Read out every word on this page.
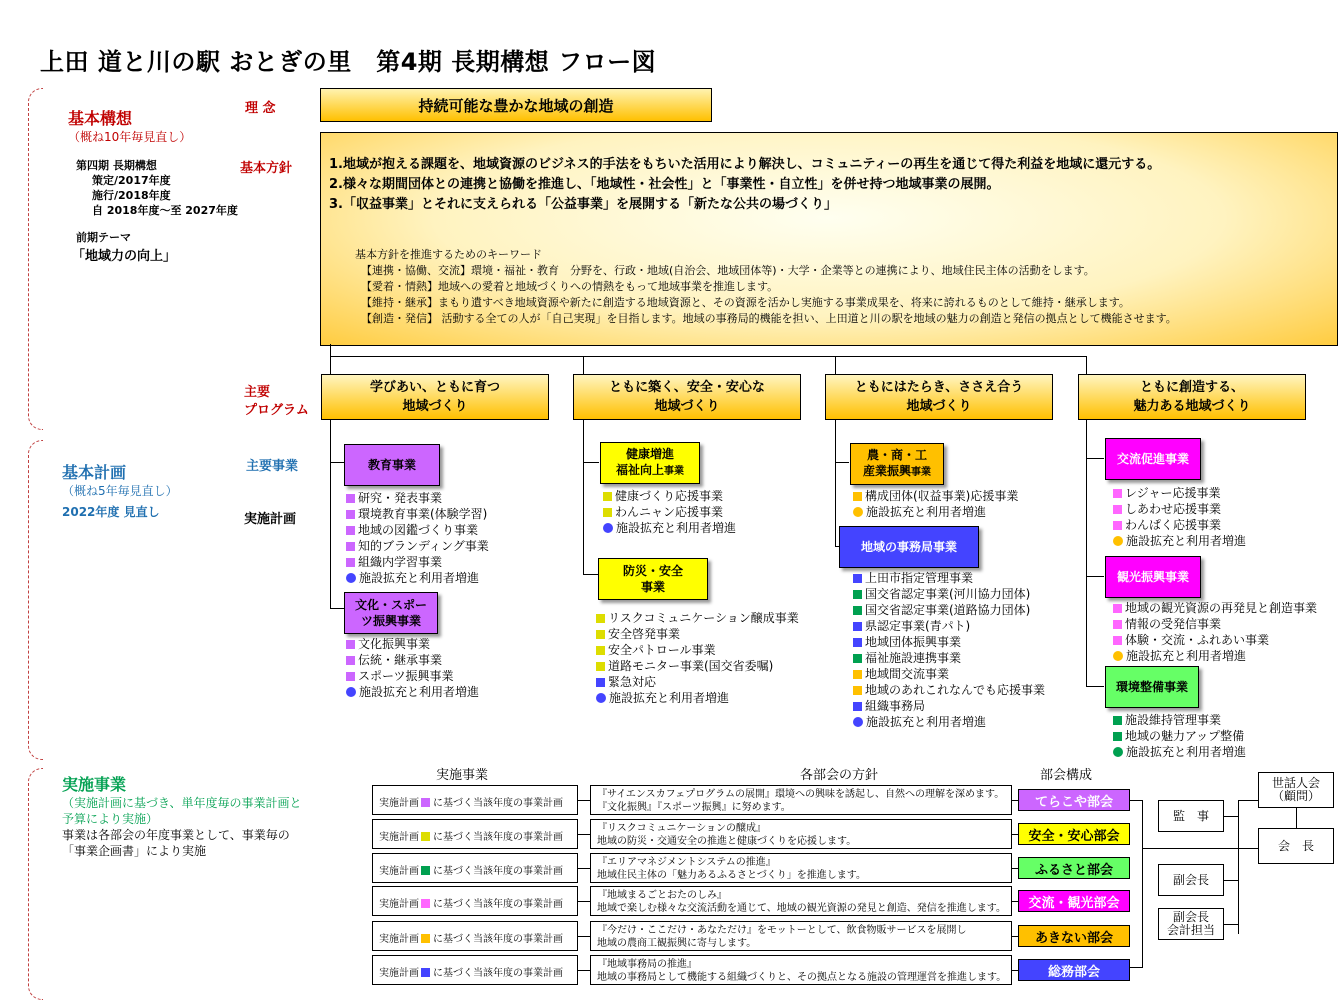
上田 道と川の駅 おとぎの里　第4期 長期構想 フロー図
基本構想
（概ね10年毎見直し）
第四期 長期構想
策定/2017年度
施行/2018年度
自 2018年度～至 2027年度
前期テーマ
「地域力の向上」
基本計画
（概ね5年毎見直し）
2022年度 見直し
実施事業
（実施計画に基づき、単年度毎の事業計画と
予算により実施）
事業は各部会の年度事業として、事業毎の
「事業企画書」により実施
理 念
基本方針
主要
プログラム
主要事業
実施計画
持続可能な豊かな地域の創造
1.地域が抱える課題を、地域資源のビジネス的手法をもちいた活用により解決し、コミュニティーの再生を通じて得た利益を地域に還元する。
2.様々な期間団体との連携と協働を推進し、「地域性・社会性」と「事業性・自立性」を併せ持つ地域事業の展開。
3.「収益事業」とそれに支えられる「公益事業」を展開する「新たな公共の場づくり」
基本方針を推進するためのキーワード
【連携・協働、交流】環境・福祉・教育　分野を、行政・地域(自治会、地域団体等)・大学・企業等との連携により、地域住民主体の活動をします。
【愛着・情熱】地域への愛着と地域づくりへの情熱をもって地域事業を推進します。
【維持・継承】まもり遺すべき地域資源や新たに創造する地域資源と、その資源を活かし実施する事業成果を、将来に誇れるものとして維持・継承します。
【創造・発信】 活動する全ての人が「自己実現」を目指します。地域の事務局的機能を担い、上田道と川の駅を地域の魅力の創造と発信の拠点として機能させます。
学びあい、ともに育つ
地域づくり
ともに築く、安全・安心な
地域づくり
ともにはたらき、ささえ合う
地域づくり
ともに創造する、
魅力ある地域づくり
教育事業
文化・スポー
ツ振興事業
健康増進
福祉向上事業
防災・安全
事業
農・商・工
産業振興事業
地域の事務局事業
交流促進事業
観光振興事業
環境整備事業
研究・発表事業
環境教育事業(体験学習)
地域の図鑑づくり事業
知的ブランディング事業
組織内学習事業
施設拡充と利用者増進
文化振興事業
伝統・継承事業
スポーツ振興事業
施設拡充と利用者増進
健康づくり応援事業
わんニャン応援事業
施設拡充と利用者増進
リスクコミュニケーション醸成事業
安全啓発事業
安全パトロール事業
道路モニター事業(国交省委嘱)
緊急対応
施設拡充と利用者増進
構成団体(収益事業)応援事業
施設拡充と利用者増進
上田市指定管理事業
国交省認定事業(河川協力団体)
国交省認定事業(道路協力団体)
県認定事業(青パト)
地域団体振興事業
福祉施設連携事業
地域間交流事業
地域のあれこれなんでも応援事業
組織事務局
施設拡充と利用者増進
レジャー応援事業
しあわせ応援事業
わんぱく応援事業
施設拡充と利用者増進
地域の観光資源の再発見と創造事業
情報の受発信事業
体験・交流・ふれあい事業
施設拡充と利用者増進
施設維持管理事業
地域の魅力アップ整備
施設拡充と利用者増進
実施事業	各部会の方針	部会構成
実施計画 に基づく当該年度の事業計画
『サイエンスカフェプログラムの展開』環境への興味を誘起し、自然への理解を深めます。
『文化振興』『スポーツ振興』に努めます。	てらこや部会
実施計画 に基づく当該年度の事業計画
『リスクコミュニケーションの醸成』
地域の防災・交通安全の推進と健康づくりを応援します。	安全・安心部会
実施計画 に基づく当該年度の事業計画
『エリアマネジメントシステムの推進』
地域住民主体の「魅力あるふるさとづくり」を推進します。	ふるさと部会
実施計画 に基づく当該年度の事業計画
『地域まるごとおたのしみ』
地域で楽しむ様々な交流活動を通じて、地域の観光資源の発見と創造、発信を推進します。	交流・観光部会
実施計画 に基づく当該年度の事業計画
『今だけ・ここだけ・あなただけ』をモットーとして、飲食物販サービスを展開し
地域の農商工観振興に寄与します。	あきない部会
実施計画 に基づく当該年度の事業計画
『地域事務局の推進』
地域の事務局として機能する組織づくりと、その拠点となる施設の管理運営を推進します。	総務部会
世話人会
（顧問）
会　長
監　事
副会長
副会長
会計担当
